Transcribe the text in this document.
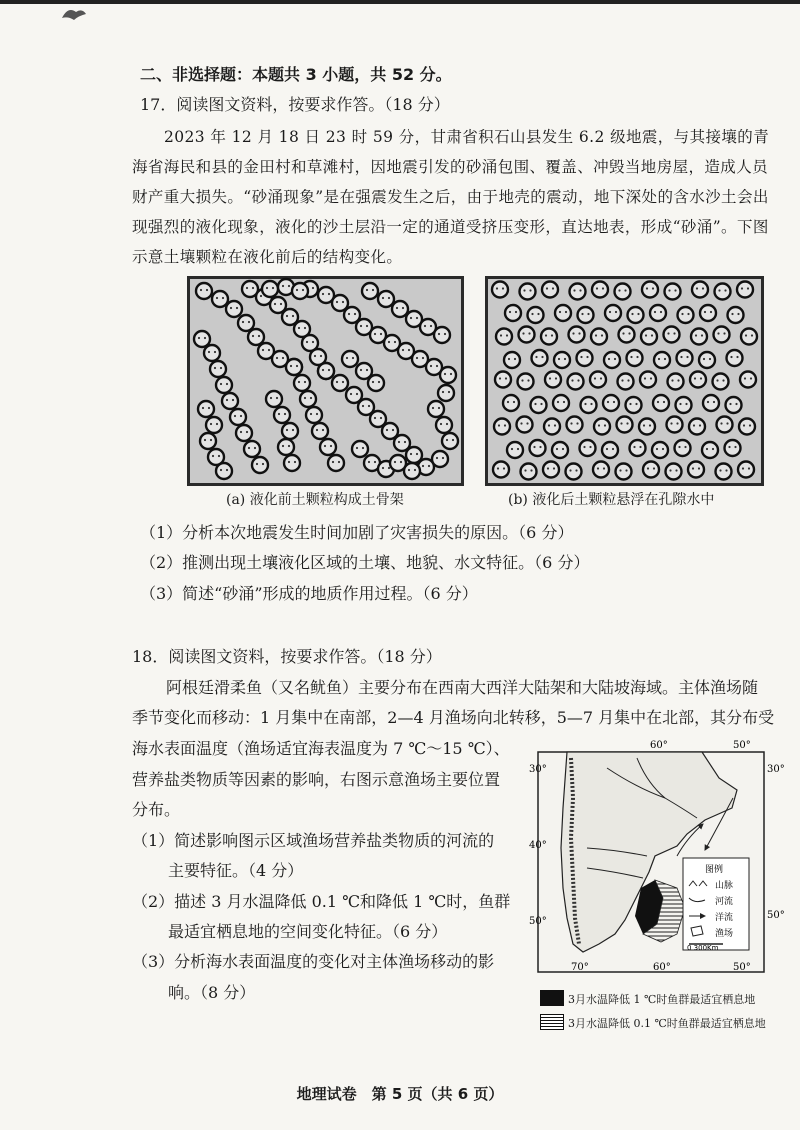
二、非选择题：本题共 3 小题，共 52 分。
17．阅读图文资料，按要求作答。（18 分）
2023 年 12 月 18 日 23 时 59 分，甘肃省积石山县发生 6.2 级地震，与其接壤的青海省海民和县的金田村和草滩村，因地震引发的砂涌包围、覆盖、冲毁当地房屋，造成人员财产重大损失。“砂涌现象”是在强震发生之后，由于地壳的震动，地下深处的含水沙土会出现强烈的液化现象，液化的沙土层沿一定的通道受挤压变形，直达地表，形成“砂涌”。下图示意土壤颗粒在液化前后的结构变化。
(a) 液化前土颗粒构成土骨架	(b) 液化后土颗粒悬浮在孔隙水中
（1）分析本次地震发生时间加剧了灾害损失的原因。（6 分）
（2）推测出现土壤液化区域的土壤、地貌、水文特征。（6 分）
（3）简述“砂涌”形成的地质作用过程。（6 分）
18．阅读图文资料，按要求作答。（18 分）
阿根廷滑柔鱼（又名鱿鱼）主要分布在西南大西洋大陆架和大陆坡海域。主体渔场随
季节变化而移动：1 月集中在南部，2—4 月渔场向北转移，5—7 月集中在北部，其分布受
海水表面温度（渔场适宜海表温度为 7 ℃～15 ℃）、
营养盐类物质等因素的影响，右图示意渔场主要位置
分布。
（1）简述影响图示区域渔场营养盐类物质的河流的
主要特征。（4 分）
（2）描述 3 月水温降低 0.1 ℃和降低 1 ℃时，鱼群
最适宜栖息地的空间变化特征。（6 分）
（3）分析海水表面温度的变化对主体渔场移动的影
响。（8 分）
60°	50°
70°	60°	50°
30°
40°
50°
30°
50°
图例
山脉
河流
洋流
渔场
0 300Km
3月水温降低 1 ℃时鱼群最适宜栖息地
3月水温降低 0.1 ℃时鱼群最适宜栖息地
地理试卷　第 5 页（共 6 页）
